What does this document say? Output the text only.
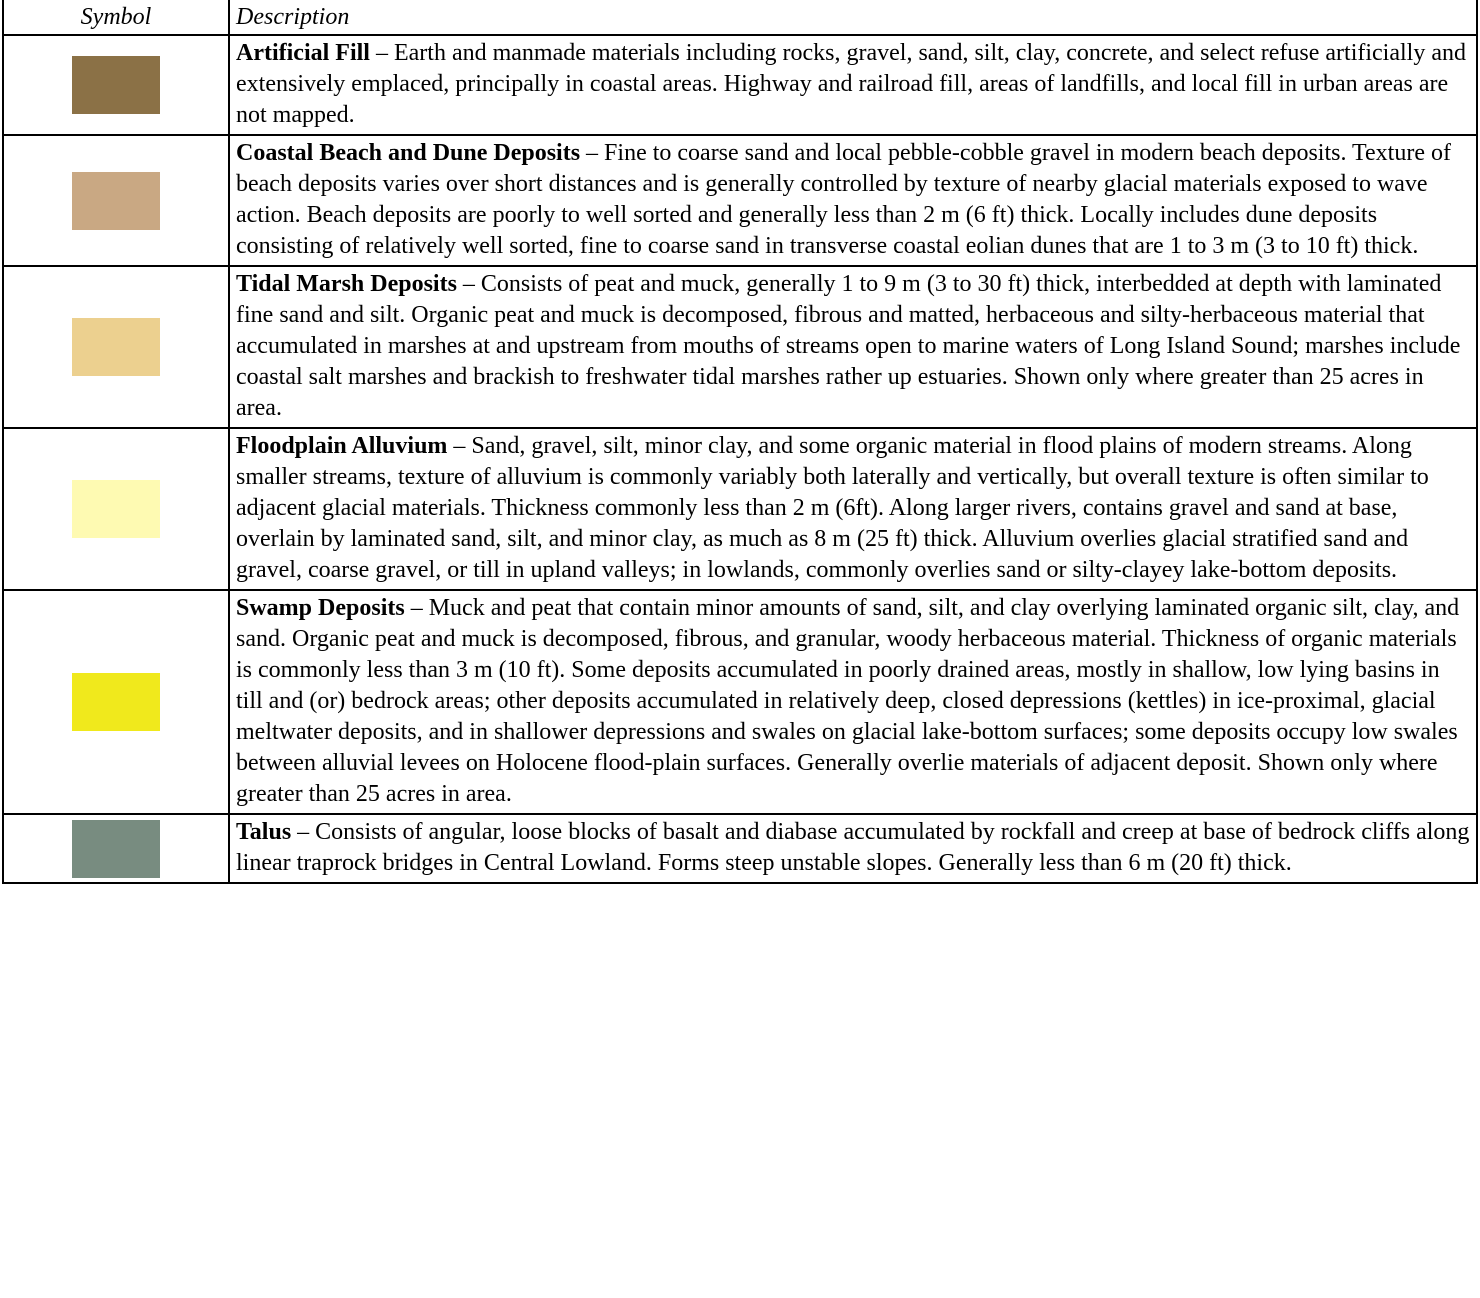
Symbol	Description
	Artificial Fill – Earth and manmade materials including rocks, gravel, sand, silt, clay, concrete, and select refuse artificially and extensively emplaced, principally in coastal areas. Highway and railroad fill, areas of landfills, and local fill in urban areas are not mapped.
	Coastal Beach and Dune Deposits – Fine to coarse sand and local pebble-cobble gravel in modern beach deposits. Texture of beach deposits varies over short distances and is generally controlled by texture of nearby glacial materials exposed to wave action. Beach deposits are poorly to well sorted and generally less than 2 m (6 ft) thick. Locally includes dune deposits consisting of relatively well sorted, fine to coarse sand in transverse coastal eolian dunes that are 1 to 3 m (3 to 10 ft) thick.
	Tidal Marsh Deposits – Consists of peat and muck, generally 1 to 9 m (3 to 30 ft) thick, interbedded at depth with laminated fine sand and silt. Organic peat and muck is decomposed, fibrous and matted, herbaceous and silty-herbaceous material that accumulated in marshes at and upstream from mouths of streams open to marine waters of Long Island Sound; marshes include coastal salt marshes and brackish to freshwater tidal marshes rather up estuaries. Shown only where greater than 25 acres in area.
	Floodplain Alluvium – Sand, gravel, silt, minor clay, and some organic material in flood plains of modern streams. Along smaller streams, texture of alluvium is commonly variably both laterally and vertically, but overall texture is often similar to adjacent glacial materials. Thickness commonly less than 2 m (6ft). Along larger rivers, contains gravel and sand at base, overlain by laminated sand, silt, and minor clay, as much as 8 m (25 ft) thick. Alluvium overlies glacial stratified sand and gravel, coarse gravel, or till in upland valleys; in lowlands, commonly overlies sand or silty-clayey lake-bottom deposits.
	Swamp Deposits – Muck and peat that contain minor amounts of sand, silt, and clay overlying laminated organic silt, clay, and sand. Organic peat and muck is decomposed, fibrous, and granular, woody herbaceous material. Thickness of organic materials is commonly less than 3 m (10 ft). Some deposits accumulated in poorly drained areas, mostly in shallow, low lying basins in till and (or) bedrock areas; other deposits accumulated in relatively deep, closed depressions (kettles) in ice-proximal, glacial meltwater deposits, and in shallower depressions and swales on glacial lake-bottom surfaces; some deposits occupy low swales between alluvial levees on Holocene flood-plain surfaces. Generally overlie materials of adjacent deposit. Shown only where greater than 25 acres in area.
	Talus – Consists of angular, loose blocks of basalt and diabase accumulated by rockfall and creep at base of bedrock cliffs along linear traprock bridges in Central Lowland. Forms steep unstable slopes. Generally less than 6 m (20 ft) thick.
